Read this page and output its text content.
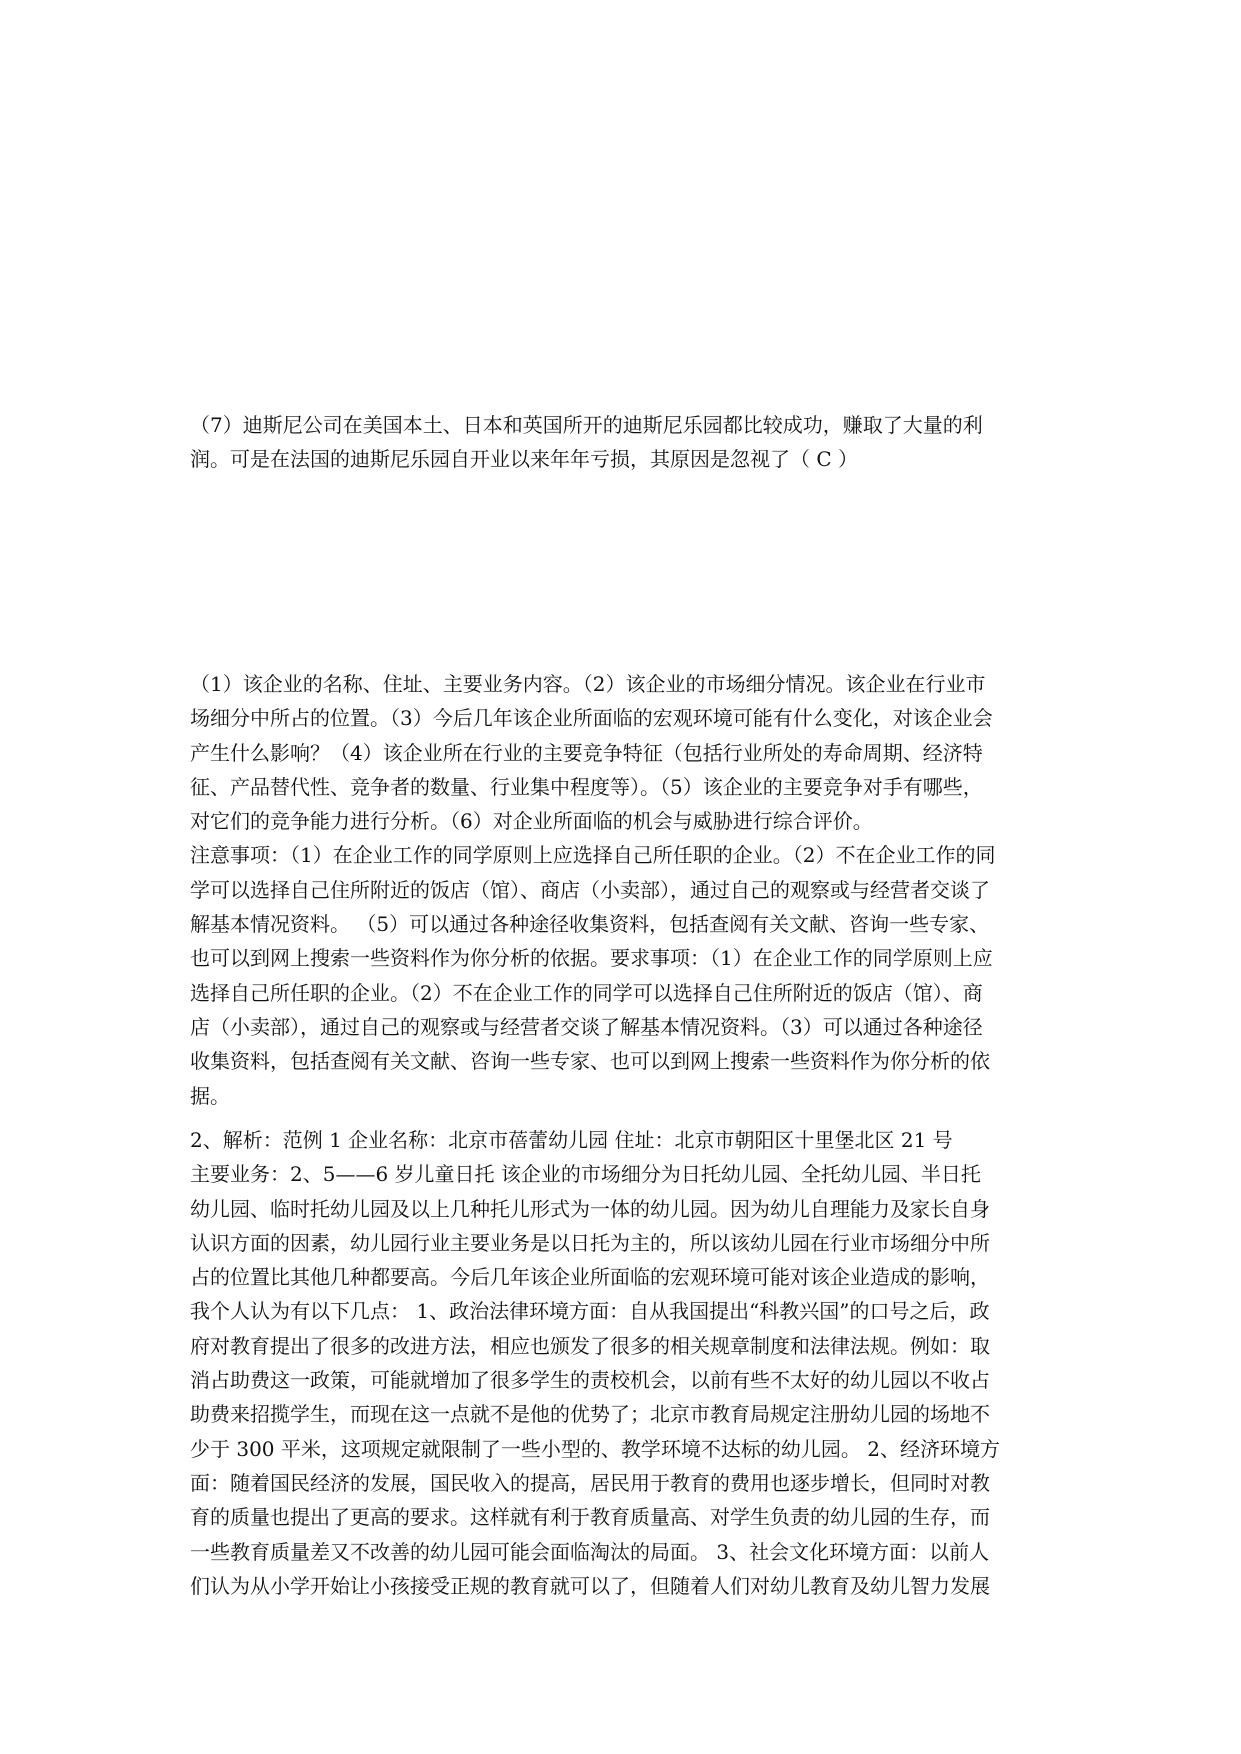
（7）迪斯尼公司在美国本土、日本和英国所开的迪斯尼乐园都比较成功，赚取了大量的利
润。可是在法国的迪斯尼乐园自开业以来年年亏损，其原因是忽视了（ C ）
（1）该企业的名称、住址、主要业务内容。（2）该企业的市场细分情况。该企业在行业市
场细分中所占的位置。（3）今后几年该企业所面临的宏观环境可能有什么变化，对该企业会
产生什么影响？（4）该企业所在行业的主要竞争特征（包括行业所处的寿命周期、经济特
征、产品替代性、竞争者的数量、行业集中程度等）。（5）该企业的主要竞争对手有哪些，
对它们的竞争能力进行分析。（6）对企业所面临的机会与威胁进行综合评价。
注意事项：（1）在企业工作的同学原则上应选择自己所任职的企业。（2）不在企业工作的同
学可以选择自己住所附近的饭店（馆）、商店（小卖部），通过自己的观察或与经营者交谈了
解基本情况资料。 （5）可以通过各种途径收集资料，包括查阅有关文献、咨询一些专家、
也可以到网上搜索一些资料作为你分析的依据。要求事项：（1）在企业工作的同学原则上应
选择自己所任职的企业。（2）不在企业工作的同学可以选择自己住所附近的饭店（馆）、商
店（小卖部），通过自己的观察或与经营者交谈了解基本情况资料。（3）可以通过各种途径
收集资料，包括查阅有关文献、咨询一些专家、也可以到网上搜索一些资料作为你分析的依
据。
2、解析：范例 1 企业名称：北京市蓓蕾幼儿园 住址：北京市朝阳区十里堡北区 21 号
主要业务：2、5——6 岁儿童日托 该企业的市场细分为日托幼儿园、全托幼儿园、半日托
幼儿园、临时托幼儿园及以上几种托儿形式为一体的幼儿园。因为幼儿自理能力及家长自身
认识方面的因素，幼儿园行业主要业务是以日托为主的，所以该幼儿园在行业市场细分中所
占的位置比其他几种都要高。今后几年该企业所面临的宏观环境可能对该企业造成的影响，
我个人认为有以下几点： 1、政治法律环境方面：自从我国提出“科教兴国”的口号之后，政
府对教育提出了很多的改进方法，相应也颁发了很多的相关规章制度和法律法规。例如：取
消占助费这一政策，可能就增加了很多学生的责校机会，以前有些不太好的幼儿园以不收占
助费来招揽学生，而现在这一点就不是他的优势了；北京市教育局规定注册幼儿园的场地不
少于 300 平米，这项规定就限制了一些小型的、教学环境不达标的幼儿园。 2、经济环境方
面：随着国民经济的发展，国民收入的提高，居民用于教育的费用也逐步增长，但同时对教
育的质量也提出了更高的要求。这样就有利于教育质量高、对学生负责的幼儿园的生存，而
一些教育质量差又不改善的幼儿园可能会面临淘汰的局面。 3、社会文化环境方面：以前人
们认为从小学开始让小孩接受正规的教育就可以了，但随着人们对幼儿教育及幼儿智力发展
